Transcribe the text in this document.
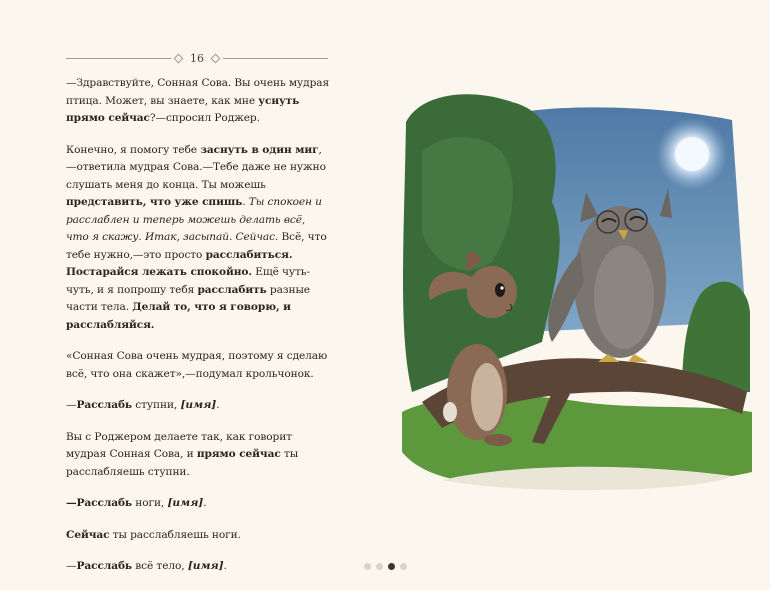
16

—Здравствуйте, Сонная Сова. Вы очень мудрая птица. Может, вы знаете, как мне уснуть прямо сейчас?—спросил Роджер.

Конечно, я помогу тебе заснуть в один миг,—ответила мудрая Сова.—Тебе даже не нужно слушать меня до конца. Ты можешь представить, что уже спишь. Ты спокоен и расслаблен и теперь можешь делать всё, что я скажу. Итак, засыпай. Сейчас. Всё, что тебе нужно,—это просто расслабиться. Постарайся лежать спокойно. Ещё чуть-чуть, и я попрошу тебя расслабить разные части тела. Делай то, что я говорю, и расслабляйся.

«Сонная Сова очень мудрая, поэтому я сделаю всё, что она скажет»,—подумал крольчонок.

—Расслабь ступни, [имя].

Вы с Роджером делаете так, как говорит мудрая Сонная Сова, и прямо сейчас ты расслабляешь ступни.

—Расслабь ноги, [имя].

Сейчас ты расслабляешь ноги.

—Расслабь всё тело, [имя].
